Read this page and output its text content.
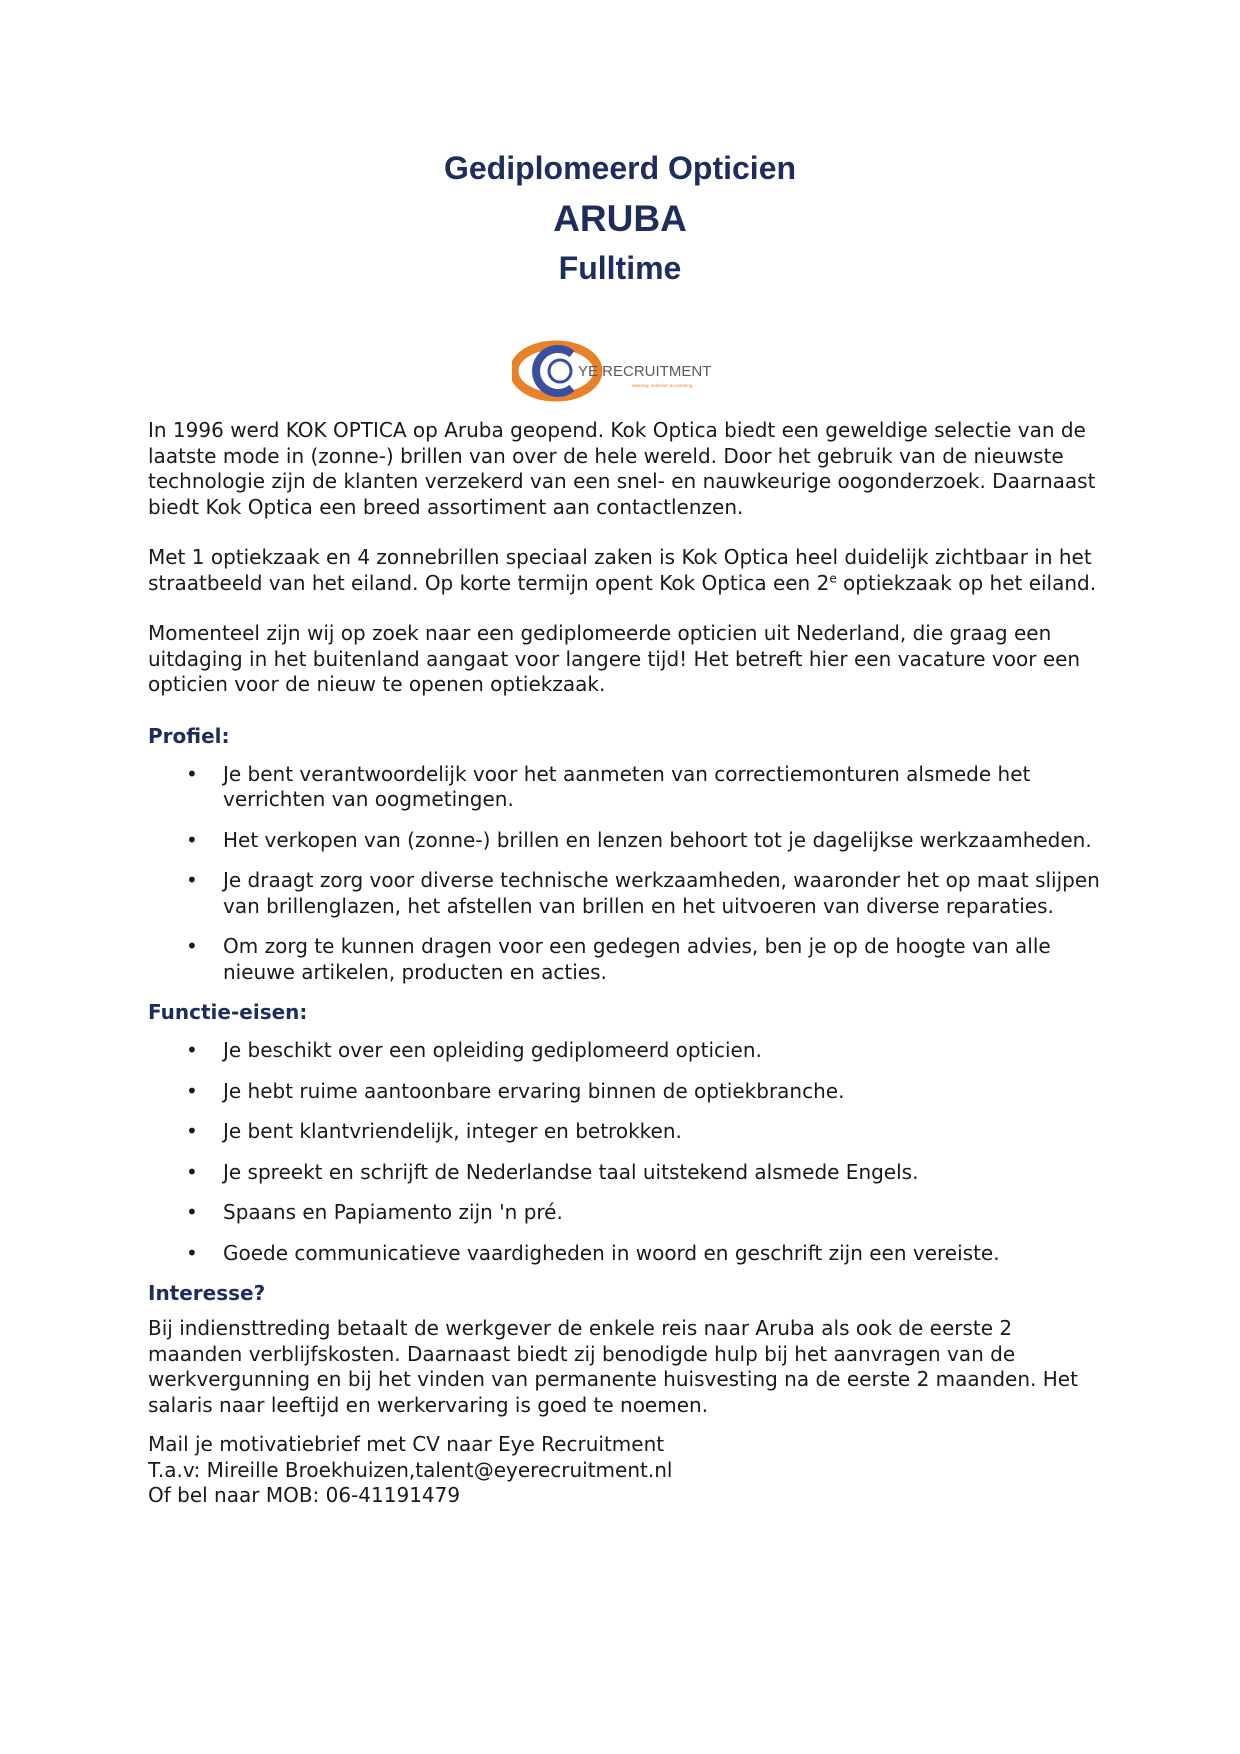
Gediplomeerd Opticien
ARUBA
Fulltime
YE RECRUITMENT
advising, selection & coaching

In 1996 werd KOK OPTICA op Aruba geopend. Kok Optica biedt een geweldige selectie van de laatste mode in (zonne-) brillen van over de hele wereld. Door het gebruik van de nieuwste technologie zijn de klanten verzekerd van een snel- en nauwkeurige oogonderzoek. Daarnaast biedt Kok Optica een breed assortiment aan contactlenzen.

Met 1 optiekzaak en 4 zonnebrillen speciaal zaken is Kok Optica heel duidelijk zichtbaar in het straatbeeld van het eiland. Op korte termijn opent Kok Optica een 2e optiekzaak op het eiland.

Momenteel zijn wij op zoek naar een gediplomeerde opticien uit Nederland, die graag een uitdaging in het buitenland aangaat voor langere tijd! Het betreft hier een vacature voor een opticien voor de nieuw te openen optiekzaak.

Profiel:
• Je bent verantwoordelijk voor het aanmeten van correctiemonturen alsmede het verrichten van oogmetingen.
• Het verkopen van (zonne-) brillen en lenzen behoort tot je dagelijkse werkzaamheden.
• Je draagt zorg voor diverse technische werkzaamheden, waaronder het op maat slijpen van brillenglazen, het afstellen van brillen en het uitvoeren van diverse reparaties.
• Om zorg te kunnen dragen voor een gedegen advies, ben je op de hoogte van alle nieuwe artikelen, producten en acties.
Functie-eisen:
• Je beschikt over een opleiding gediplomeerd opticien.
• Je hebt ruime aantoonbare ervaring binnen de optiekbranche.
• Je bent klantvriendelijk, integer en betrokken.
• Je spreekt en schrijft de Nederlandse taal uitstekend alsmede Engels.
• Spaans en Papiamento zijn 'n pré.
• Goede communicatieve vaardigheden in woord en geschrift zijn een vereiste.
Interesse?

Bij indiensttreding betaalt de werkgever de enkele reis naar Aruba als ook de eerste 2 maanden verblijfskosten. Daarnaast biedt zij benodigde hulp bij het aanvragen van de werkvergunning en bij het vinden van permanente huisvesting na de eerste 2 maanden. Het salaris naar leeftijd en werkervaring is goed te noemen.

Mail je motivatiebrief met CV naar Eye Recruitment

T.a.v: Mireille Broekhuizen,talent@eyerecruitment.nl

Of bel naar MOB: 06-41191479
